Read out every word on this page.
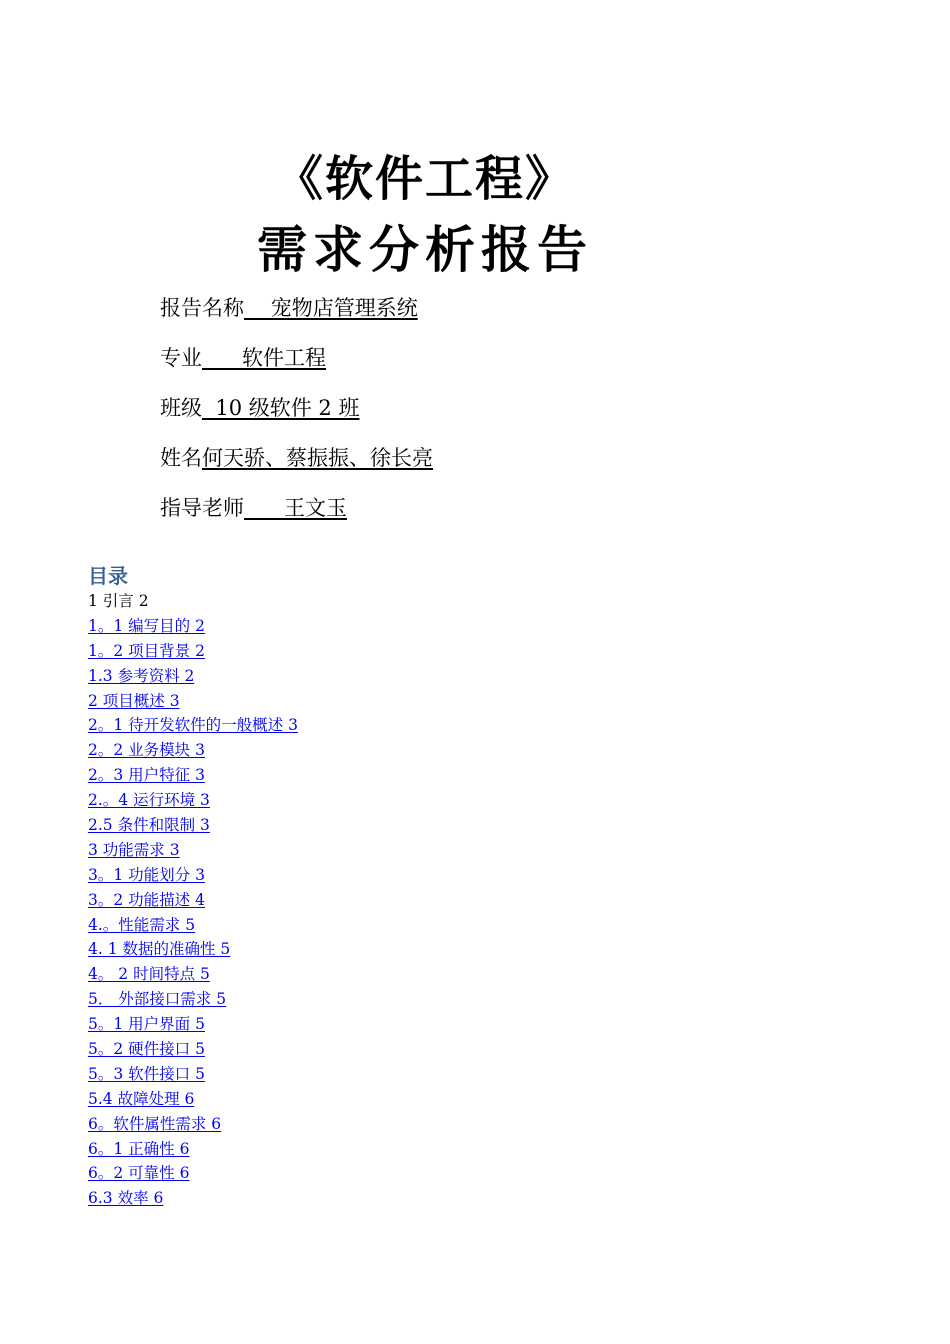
《软件工程》
需求分析报告
报告名称    宠物店管理系统
专业      软件工程
班级  10 级软件 2 班
姓名何天骄、蔡振振、徐长亮
指导老师      王文玉
目录
1 引言 2
1。1 编写目的 2
1。2 项目背景 2
1.3 参考资料 2
2 项目概述 3
2。1 待开发软件的一般概述 3
2。2 业务模块 3
2。3 用户特征 3
2.。4 运行环境 3
2.5 条件和限制 3
3 功能需求 3
3。1 功能划分 3
3。2 功能描述 4
4.。性能需求 5
4. 1 数据的准确性 5
4。 2 时间特点 5
5． 外部接口需求 5
5。1 用户界面 5
5。2 硬件接口 5
5。3 软件接口 5
5.4 故障处理 6
6。软件属性需求 6
6。1 正确性 6
6。2 可靠性 6
6.3 效率 6
